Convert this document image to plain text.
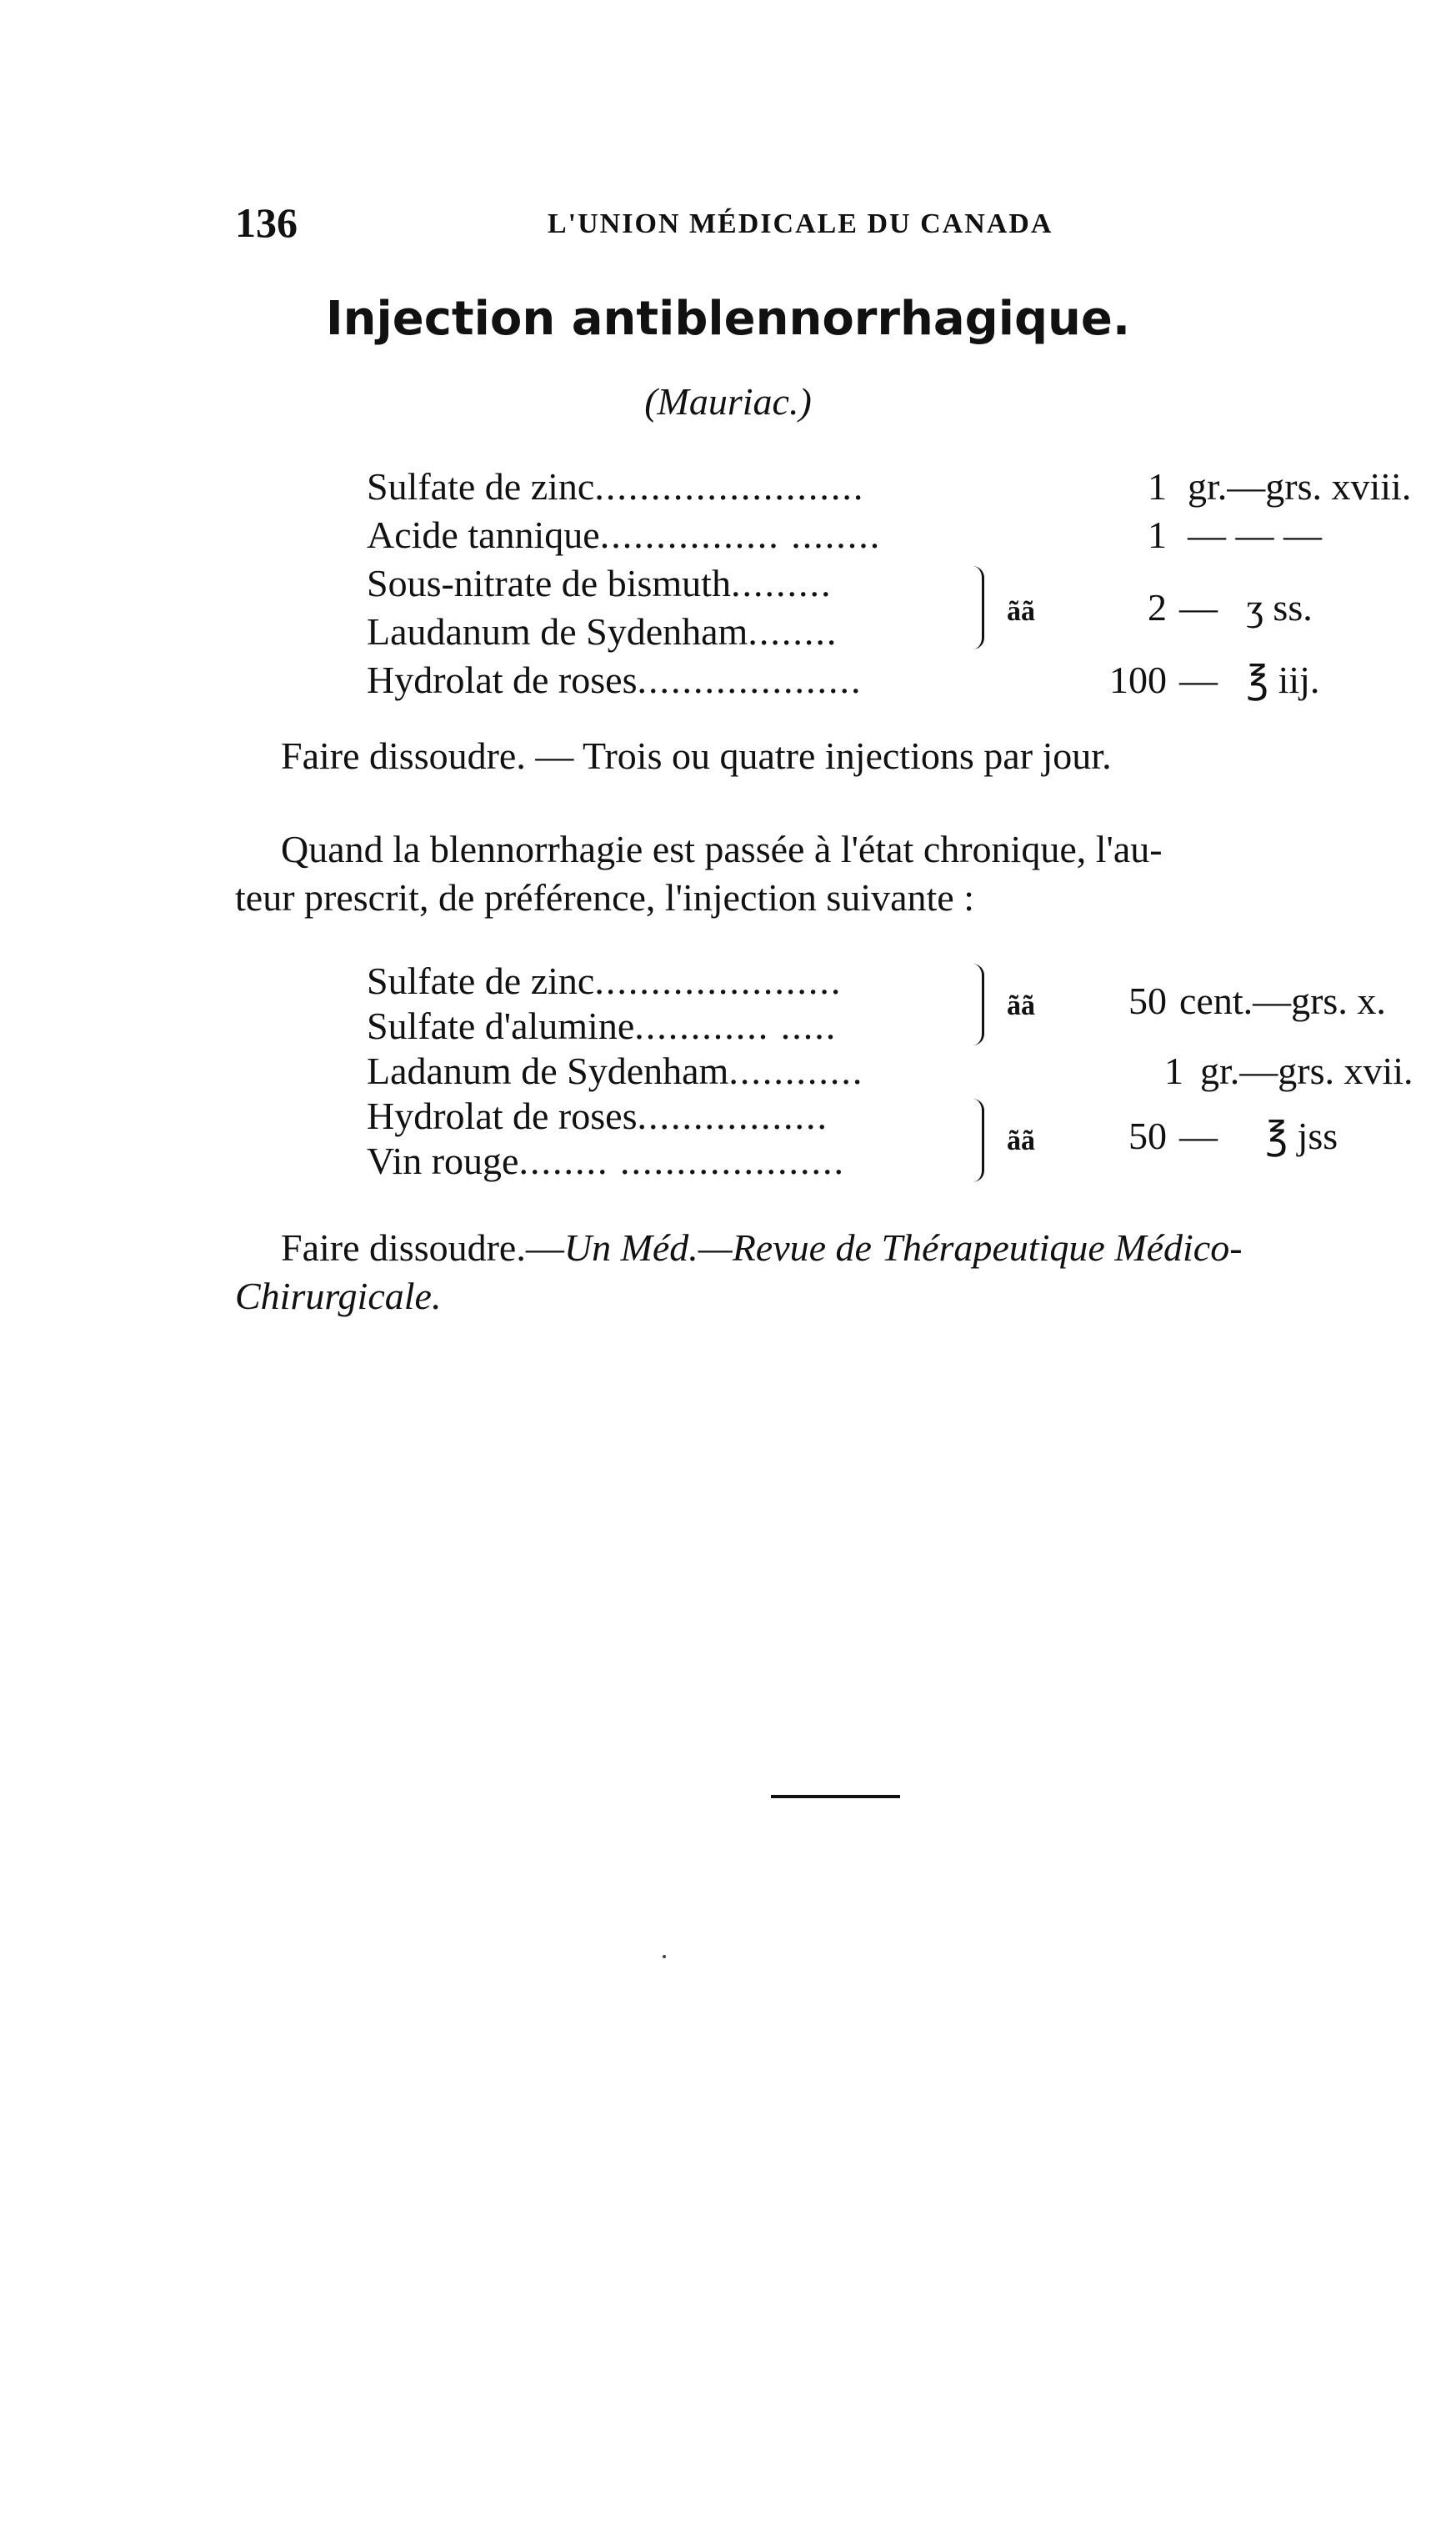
136	L'UNION MÉDICALE DU CANADA
Injection antiblennorrhagique.
(Mauriac.)
Sulfate de zinc........................	1 gr.—grs. xviii.
Acide tannique................ ........	1 — — —
Sous-nitrate de bismuth.........
Laudanum de Sydenham........	ãã	2 —   ʒ ss.
Hydrolat de roses....................	100 —   ℥ iij.

Faire dissoudre. — Trois ou quatre injections par jour.

Quand la blennorrhagie est passée à l'état chronique, l'au-

teur prescrit, de préférence, l'injection suivante :

Sulfate de zinc......................
Sulfate d'alumine............ .....	ãã	50 cent.—grs. x.
Ladanum de Sydenham............	1 gr.—grs. xvii.
Hydrolat de roses.................
Vin rouge........ ....................	ãã	50 —     ℥ jss

Faire dissoudre.—Un Méd.—Revue de Thérapeutique Médico-

Chirurgicale.
